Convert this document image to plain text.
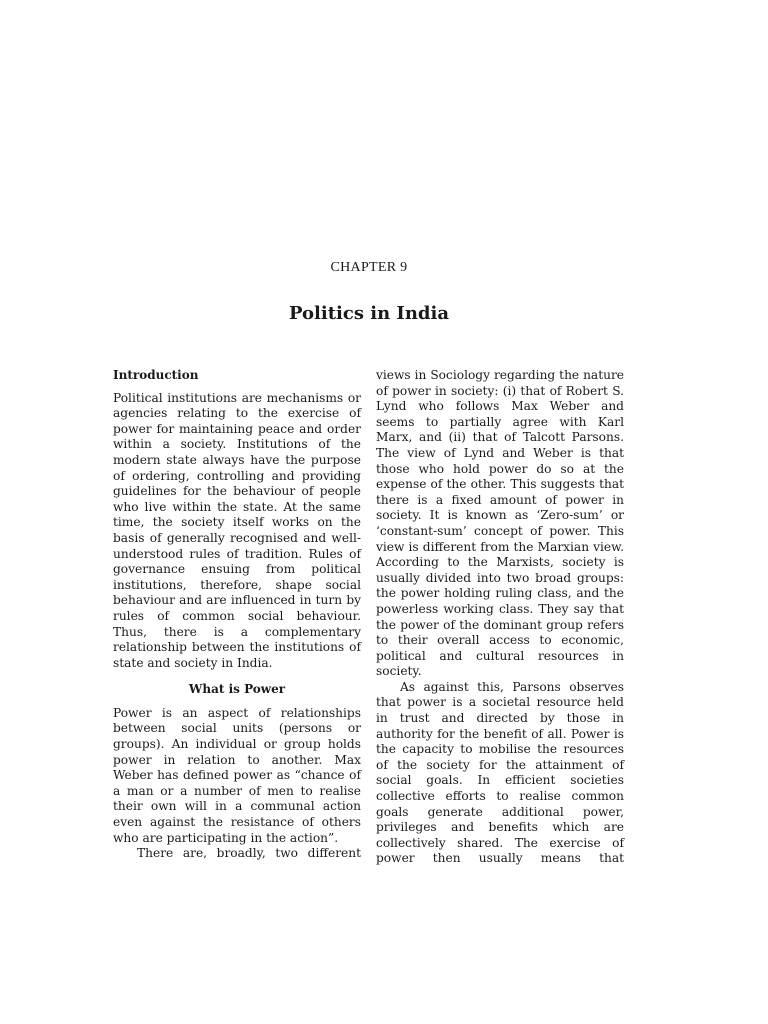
CHAPTER 9
Politics in India
Introduction

Political institutions are mechanisms or agencies relating to the exercise of power for maintaining peace and order within a society. Institutions of the modern state always have the purpose of ordering, controlling and providing guidelines for the behaviour of people who live within the state. At the same time, the society itself works on the basis of generally recognised and well-understood rules of tradition. Rules of governance ensuing from political institutions, therefore, shape social behaviour and are influenced in turn by rules of common social behaviour. Thus, there is a complementary relationship between the institutions of state and society in India.

What is Power

Power is an aspect of relationships between social units (persons or groups). An individual or group holds power in relation to another. Max Weber has defined power as “chance of a man or a number of men to realise their own will in a communal action even against the resistance of others who are participating in the action”.

There are, broadly, two different

views in Sociology regarding the nature of power in society: (i) that of Robert S. Lynd who follows Max Weber and seems to partially agree with Karl Marx, and (ii) that of Talcott Parsons. The view of Lynd and Weber is that those who hold power do so at the expense of the other. This suggests that there is a fixed amount of power in society. It is known as ‘Zero-sum’ or ‘constant-sum’ concept of power. This view is different from the Marxian view. According to the Marxists, society is usually divided into two broad groups: the power holding ruling class, and the powerless working class. They say that the power of the dominant group refers to their overall access to economic, political and cultural resources in society.

As against this, Parsons observes that power is a societal resource held in trust and directed by those in authority for the benefit of all. Power is the capacity to mobilise the resources of the society for the attainment of social goals. In efficient societies collective efforts to realise common goals generate additional power, privileges and benefits which are collectively shared. The exercise of power then usually means that
